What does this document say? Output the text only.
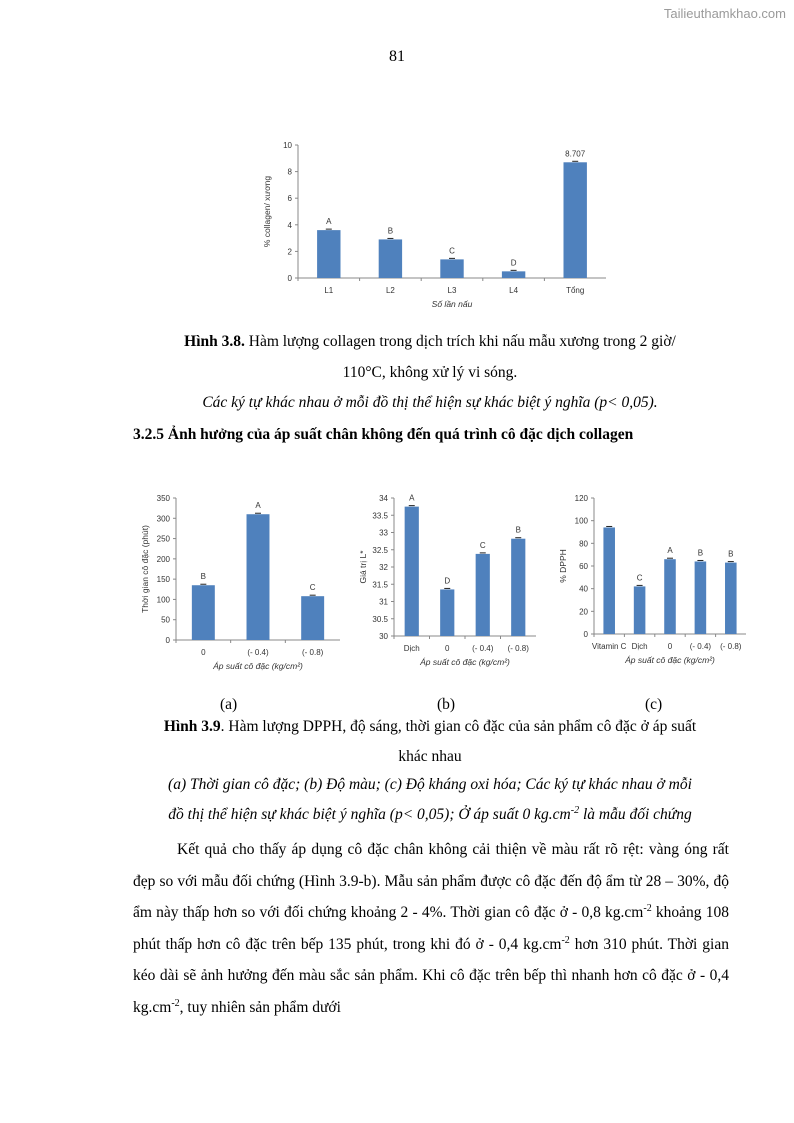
Tailieuthamkhao.com
81
0
2
4
6
8
10
L1
A
L2
B
L3
C
L4
D
Tổng
8.707
Số lần nấu
% collagen/ xương
Hình 3.8. Hàm lượng collagen trong dịch trích khi nấu mẫu xương trong 2 giờ/
110°C, không xử lý vi sóng.
Các ký tự khác nhau ở mỗi đồ thị thể hiện sự khác biệt ý nghĩa (p< 0,05).
3.2.5 Ảnh hưởng của áp suất chân không đến quá trình cô đặc dịch collagen
0
50
100
150
200
250
300
350
0
B
(- 0.4)
A
(- 0.8)
C
Áp suất cô đặc (kg/cm²)
Thời gian cô đặc (phút)
30
30.5
31
31.5
32
32.5
33
33.5
34
Dịch
A
0
D
(- 0.4)
C
(- 0.8)
B
Áp suất cô đặc (kg/cm²)
Giá trị L*
0
20
40
60
80
100
120
Vitamin C Dịch
C
0
A
(- 0.4)
B
(- 0.8)
B
Áp suất cô đặc (kg/cm²)
% DPPH
(a)	(b)	(c)
Hình 3.9. Hàm lượng DPPH, độ sáng, thời gian cô đặc của sản phẩm cô đặc ở áp suất
khác nhau
(a) Thời gian cô đặc; (b) Độ màu; (c) Độ kháng oxi hóa; Các ký tự khác nhau ở mỗi
đồ thị thể hiện sự khác biệt ý nghĩa (p< 0,05); Ở áp suất 0 $kg.cm^{-2}$ là mẫu đối chứng
Kết quả cho thấy áp dụng cô đặc chân không cải thiện về màu rất rõ rệt: vàng óng rất đẹp so với mẫu đối chứng (Hình 3.9-b). Mẫu sản phẩm được cô đặc đến độ ẩm từ 28 – 30%, độ ẩm này thấp hơn so với đối chứng khoảng 2 - 4%. Thời gian cô đặc ở - 0,8 $kg.cm^{-2}$ khoảng 108 phút thấp hơn cô đặc trên bếp 135 phút, trong khi đó ở - 0,4 $kg.cm^{-2}$ hơn 310 phút. Thời gian kéo dài sẽ ảnh hưởng đến màu sắc sản phẩm. Khi cô đặc trên bếp thì nhanh hơn cô đặc ở - 0,4 $kg.cm^{-2}$, tuy nhiên sản phẩm dưới
